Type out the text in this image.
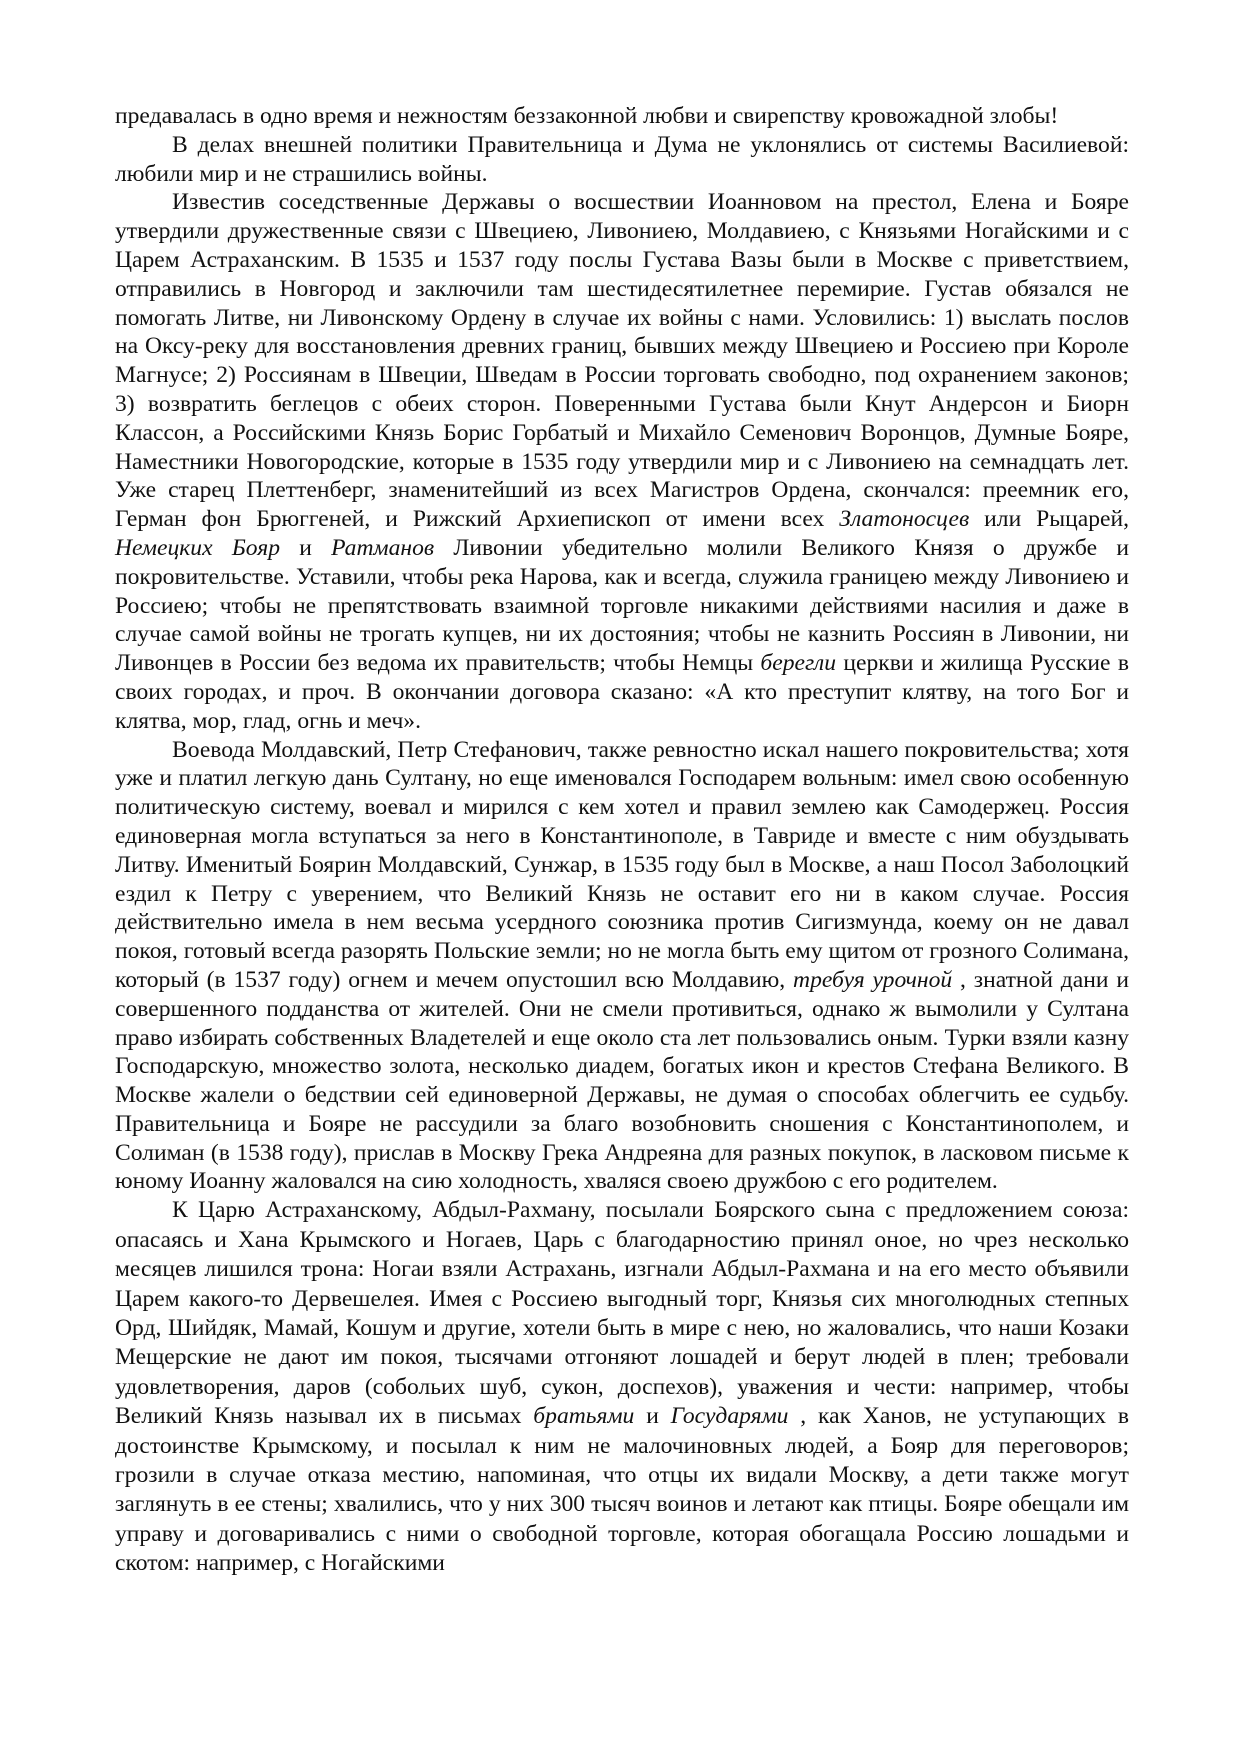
предавалась в одно время и нежностям беззаконной любви и свирепству кровожадной злобы!

В делах внешней политики Правительница и Дума не уклонялись от системы Василиевой: любили мир и не страшились войны.

Известив соседственные Державы о восшествии Иоанновом на престол, Елена и Бояре утвердили дружественные связи с Швециею, Ливониею, Молдавиею, с Князьями Ногайскими и с Царем Астраханским. В 1535 и 1537 году послы Густава Вазы были в Москве с приветствием, отправились в Новгород и заключили там шестидесятилетнее перемирие. Густав обязался не помогать Литве, ни Ливонскому Ордену в случае их войны с нами. Условились: 1) выслать послов на Оксу-реку для восстановления древних границ, бывших между Швециею и Россиею при Короле Магнусе; 2) Россиянам в Швеции, Шведам в России торговать свободно, под охранением законов; 3) возвратить беглецов с обеих сторон. Поверенными Густава были Кнут Андерсон и Биорн Классон, а Российскими Князь Борис Горбатый и Михайло Семенович Воронцов, Думные Бояре, Наместники Новогородские, которые в 1535 году утвердили мир и с Ливониею на семнадцать лет. Уже старец Плеттенберг, знаменитейший из всех Магистров Ордена, скончался: преемник его, Герман фон Брюггеней, и Рижский Архиепископ от имени всех Златоносцев или Рыцарей, Немецких Бояр и Ратманов Ливонии убедительно молили Великого Князя о дружбе и покровительстве. Уставили, чтобы река Нарова, как и всегда, служила границею между Ливониею и Россиею; чтобы не препятствовать взаимной торговле никакими действиями насилия и даже в случае самой войны не трогать купцев, ни их достояния; чтобы не казнить Россиян в Ливонии, ни Ливонцев в России без ведома их правительств; чтобы Немцы берегли церкви и жилища Русские в своих городах, и проч. В окончании договора сказано: «А кто преступит клятву, на того Бог и клятва, мор, глад, огнь и меч».

Воевода Молдавский, Петр Стефанович, также ревностно искал нашего покровительства; хотя уже и платил легкую дань Султану, но еще именовался Господарем вольным: имел свою особенную политическую систему, воевал и мирился с кем хотел и правил землею как Самодержец. Россия единоверная могла вступаться за него в Константинополе, в Тавриде и вместе с ним обуздывать Литву. Именитый Боярин Молдавский, Сунжар, в 1535 году был в Москве, а наш Посол Заболоцкий ездил к Петру с уверением, что Великий Князь не оставит его ни в каком случае. Россия действительно имела в нем весьма усердного союзника против Сигизмунда, коему он не давал покоя, готовый всегда разорять Польские земли; но не могла быть ему щитом от грозного Солимана, который (в 1537 году) огнем и мечем опустошил всю Молдавию, требуя урочной , знатной дани и совершенного подданства от жителей. Они не смели противиться, однако ж вымолили у Султана право избирать собственных Владетелей и еще около ста лет пользовались оным. Турки взяли казну Господарскую, множество золота, несколько диадем, богатых икон и крестов Стефана Великого. В Москве жалели о бедствии сей единоверной Державы, не думая о способах облегчить ее судьбу. Правительница и Бояре не рассудили за благо возобновить сношения с Константинополем, и Солиман (в 1538 году), прислав в Москву Грека Андреяна для разных покупок, в ласковом письме к юному Иоанну жаловался на сию холодность, хваляся своею дружбою с его родителем.

К Царю Астраханскому, Абдыл-Рахману, посылали Боярского сына с предложением союза: опасаясь и Хана Крымского и Ногаев, Царь с благодарностию принял оное, но чрез несколько месяцев лишился трона: Ногаи взяли Астрахань, изгнали Абдыл-Рахмана и на его место объявили Царем какого-то Дервешелея. Имея с Россиею выгодный торг, Князья сих многолюдных степных Орд, Шийдяк, Мамай, Кошум и другие, хотели быть в мире с нею, но жаловались, что наши Козаки Мещерские не дают им покоя, тысячами отгоняют лошадей и берут людей в плен; требовали удовлетворения, даров (собольих шуб, сукон, доспехов), уважения и чести: например, чтобы Великий Князь называл их в письмах братьями и Государями , как Ханов, не уступающих в достоинстве Крымскому, и посылал к ним не малочиновных людей, а Бояр для переговоров; грозили в случае отказа местию, напоминая, что отцы их видали Москву, а дети также могут заглянуть в ее стены; хвалились, что у них 300 тысяч воинов и летают как птицы. Бояре обещали им управу и договаривались с ними о свободной торговле, которая обогащала Россию лошадьми и скотом: например, с Ногайскими
